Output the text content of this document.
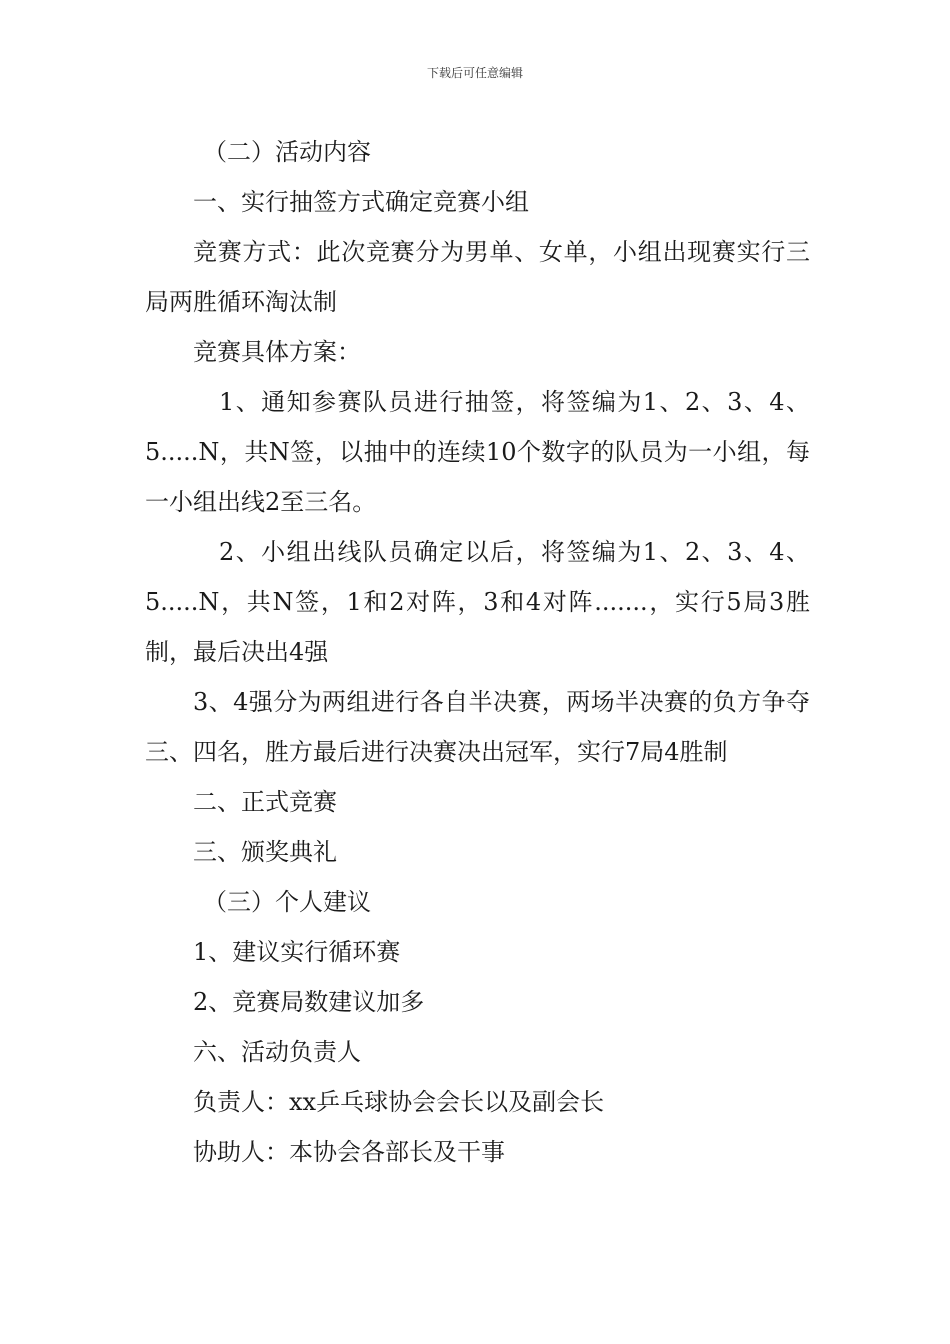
下载后可任意编辑

（二）活动内容

一、实行抽签方式确定竞赛小组

竞赛方式：此次竞赛分为男单、女单，小组出现赛实行三局两胜循环淘汰制

竞赛具体方案：

1、通知参赛队员进行抽签，将签编为1、2、3、4、5.....N，共N签，以抽中的连续10个数字的队员为一小组，每一小组出线2至三名。

2、小组出线队员确定以后，将签编为1、2、3、4、5.....N，共N签，1和2对阵，3和4对阵.......，实行5局3胜制，最后决出4强

3、4强分为两组进行各自半决赛，两场半决赛的负方争夺三、四名，胜方最后进行决赛决出冠军，实行7局4胜制

二、正式竞赛

三、颁奖典礼

（三）个人建议

1、建议实行循环赛

2、竞赛局数建议加多

六、活动负责人

负责人：xx乒乓球协会会长以及副会长

协助人：本协会各部长及干事
